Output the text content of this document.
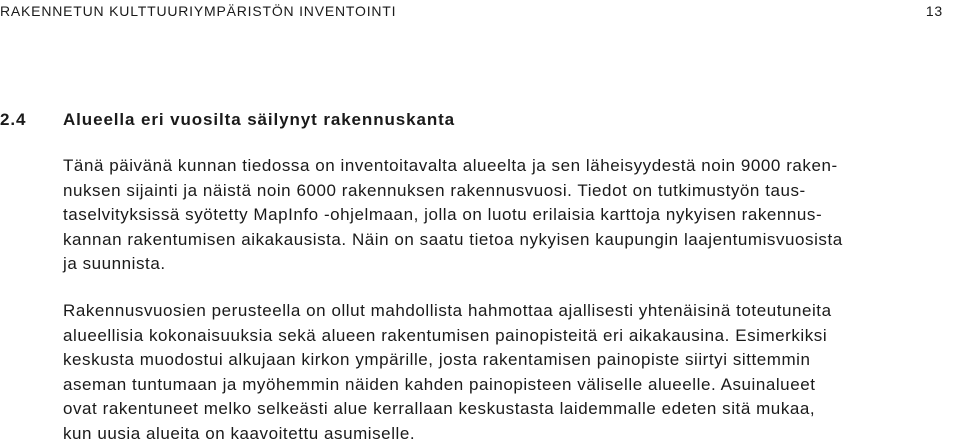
RAKENNETUN KULTTUURIYMPÄRISTÖN INVENTOINTI	13
2.4 Alueella eri vuosilta säilynyt rakennuskanta
Tänä päivänä kunnan tiedossa on inventoitavalta alueelta ja sen läheisyydestä noin 9000 raken-
nuksen sijainti ja näistä noin 6000 rakennuksen rakennusvuosi. Tiedot on tutkimustyön taus-
taselvityksissä syötetty MapInfo -ohjelmaan, jolla on luotu erilaisia karttoja nykyisen rakennus-
kannan rakentumisen aikakausista. Näin on saatu tietoa nykyisen kaupungin laajentumisvuosista
ja suunnista.
Rakennusvuosien perusteella on ollut mahdollista hahmottaa ajallisesti yhtenäisinä toteutuneita
alueellisia kokonaisuuksia sekä alueen rakentumisen painopisteitä eri aikakausina. Esimerkiksi
keskusta muodostui alkujaan kirkon ympärille, josta rakentamisen painopiste siirtyi sittemmin
aseman tuntumaan ja myöhemmin näiden kahden painopisteen väliselle alueelle. Asuinalueet
ovat rakentuneet melko selkeästi alue kerrallaan keskustasta laidemmalle edeten sitä mukaa,
kun uusia alueita on kaavoitettu asumiselle.
